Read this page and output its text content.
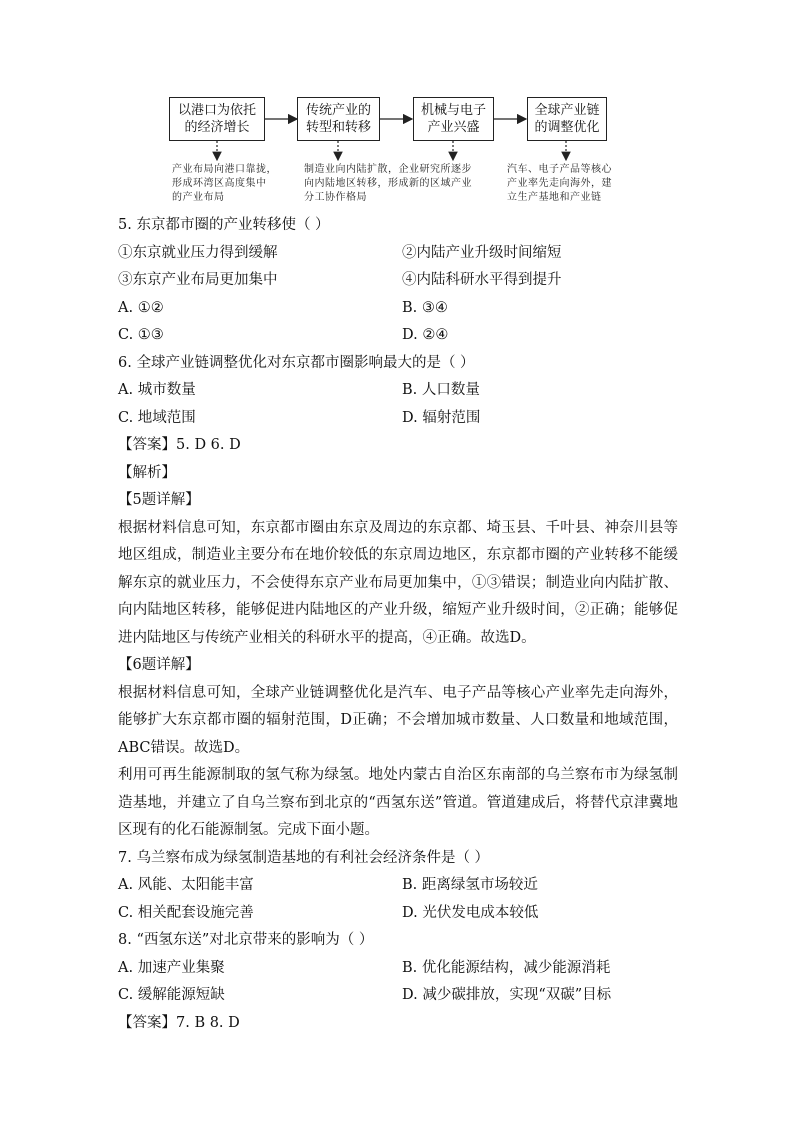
以港口为依托
的经济增长
传统产业的
转型和转移
机械与电子
产业兴盛
全球产业链
的调整优化
产业布局向港口靠拢，
形成环湾区高度集中
的产业布局
制造业向内陆扩散，企业研究所逐步
向内陆地区转移，形成新的区域产业
分工协作格局
汽车、电子产品等核心
产业率先走向海外，建
立生产基地和产业链

5. 东京都市圈的产业转移使（ ）

①东京就业压力得到缓解	②内陆产业升级时间缩短
③东京产业布局更加集中	④内陆科研水平得到提升
A. ①②	B. ③④
C. ①③	D. ②④

6. 全球产业链调整优化对东京都市圈影响最大的是（ ）

A. 城市数量	B. 人口数量
C. 地域范围	D. 辐射范围

【答案】5. D 6. D

【解析】

【5题详解】

根据材料信息可知，东京都市圈由东京及周边的东京都、埼玉县、千叶县、神奈川县等地区组成，制造业主要分布在地价较低的东京周边地区，东京都市圈的产业转移不能缓解东京的就业压力，不会使得东京产业布局更加集中，①③错误；制造业向内陆扩散、向内陆地区转移，能够促进内陆地区的产业升级，缩短产业升级时间，②正确；能够促进内陆地区与传统产业相关的科研水平的提高，④正确。故选D。

【6题详解】

根据材料信息可知，全球产业链调整优化是汽车、电子产品等核心产业率先走向海外，能够扩大东京都市圈的辐射范围，D正确；不会增加城市数量、人口数量和地域范围，ABC错误。故选D。

利用可再生能源制取的氢气称为绿氢。地处内蒙古自治区东南部的乌兰察布市为绿氢制造基地，并建立了自乌兰察布到北京的“西氢东送”管道。管道建成后，将替代京津冀地区现有的化石能源制氢。完成下面小题。

7. 乌兰察布成为绿氢制造基地的有利社会经济条件是（ ）

A. 风能、太阳能丰富	B. 距离绿氢市场较近
C. 相关配套设施完善	D. 光伏发电成本较低

8. “西氢东送”对北京带来的影响为（ ）

A. 加速产业集聚	B. 优化能源结构，减少能源消耗
C. 缓解能源短缺	D. 减少碳排放，实现“双碳”目标

【答案】7. B 8. D
